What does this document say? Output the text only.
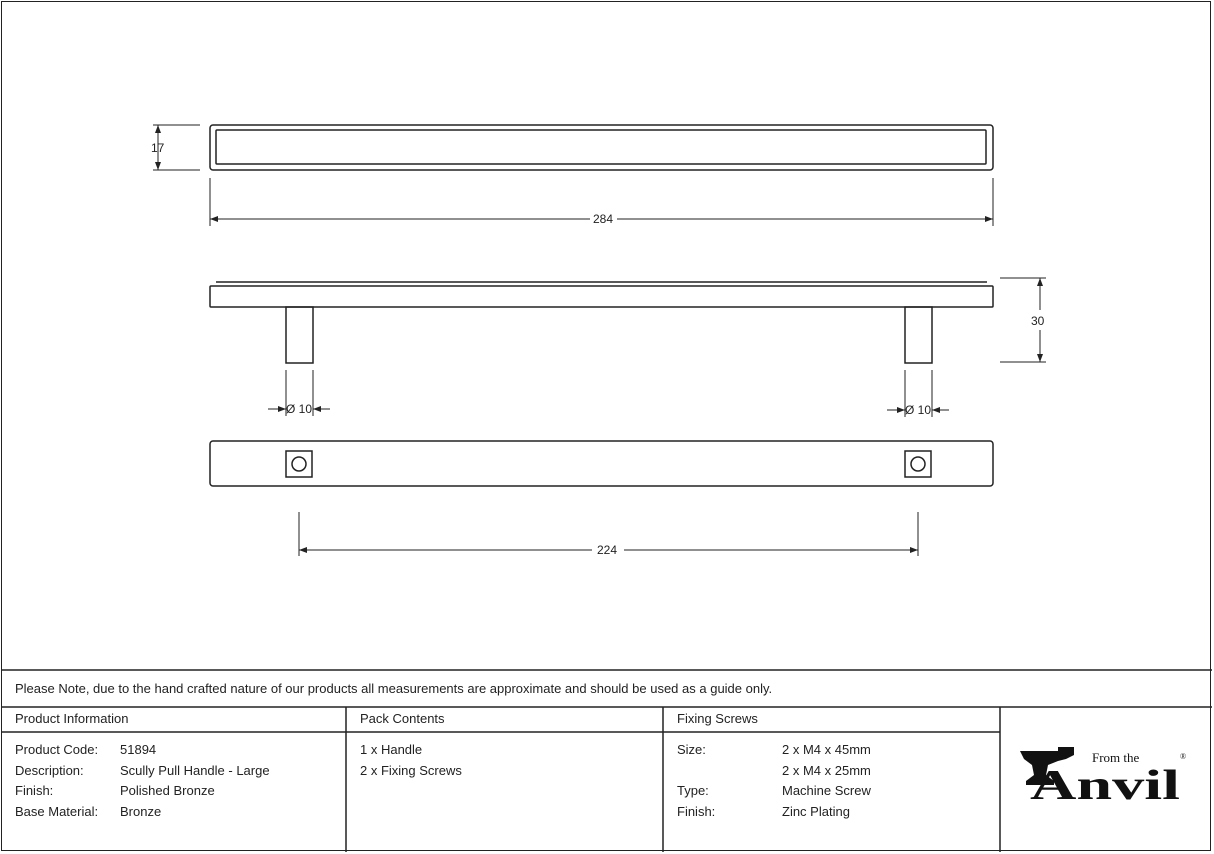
17
284
30
Ø 10	Ø 10
224
Please Note, due to the hand crafted nature of our products all measurements are approximate and should be used as a guide only.
Product Information	Pack Contents	Fixing Screws
Product Code: 51894
Description:	Scully Pull Handle - Large
Finish:	Polished Bronze
Base Material: Bronze
1 x Handle
2 x Fixing Screws
Size:	2 x M4 x 45mm
2 x M4 x 25mm
Type:	Machine Screw
Finish:	Zinc Plating
From the	®
Anvil
